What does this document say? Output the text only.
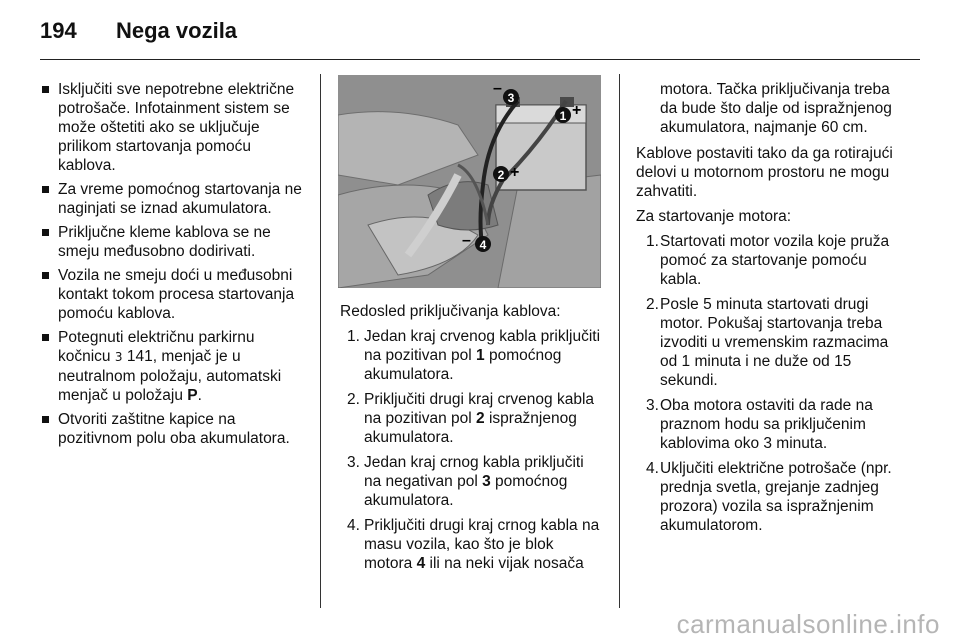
194 Nega vozila
Isključiti sve nepotrebne električne potrošače. Infotainment sistem se može oštetiti ako se uključuje prilikom startovanja pomoću kablova.
Za vreme pomoćnog startovanja ne naginjati se iznad akumulatora.
Priključne kleme kablova se ne smeju međusobno dodirivati.
Vozila ne smeju doći u međusobni kontakt tokom procesa startovanja pomoću kablova.
Potegnuti električnu parkirnu kočnicu 3 141, menjač je u neutralnom položaju, automatski menjač u položaju P.
Otvoriti zaštitne kapice na pozitivnom polu oba akumulatora.
–
3
1 +
2 +
– 4

Redosled priključivanja kablova:

1. Jedan kraj crvenog kabla priključiti na pozitivan pol 1 pomoćnog akumulatora.
2. Priključiti drugi kraj crvenog kabla na pozitivan pol 2 ispražnjenog akumulatora.
3. Jedan kraj crnog kabla priključiti na negativan pol 3 pomoćnog akumulatora.
4. Priključiti drugi kraj crnog kabla na masu vozila, kao što je blok motora 4 ili na neki vijak nosača

motora. Tačka priključivanja treba da bude što dalje od ispražnjenog akumulatora, najmanje 60 cm.

Kablove postaviti tako da ga rotirajući delovi u motornom prostoru ne mogu zahvatiti.

Za startovanje motora:

1. Startovati motor vozila koje pruža pomoć za startovanje pomoću kabla.
2. Posle 5 minuta startovati drugi motor. Pokušaj startovanja treba izvoditi u vremenskim razmacima od 1 minuta i ne duže od 15 sekundi.
3. Oba motora ostaviti da rade na praznom hodu sa priključenim kablovima oko 3 minuta.
4. Uključiti električne potrošače (npr. prednja svetla, grejanje zadnjeg prozora) vozila sa ispražnjenim akumulatorom.
carmanualsonline.info
